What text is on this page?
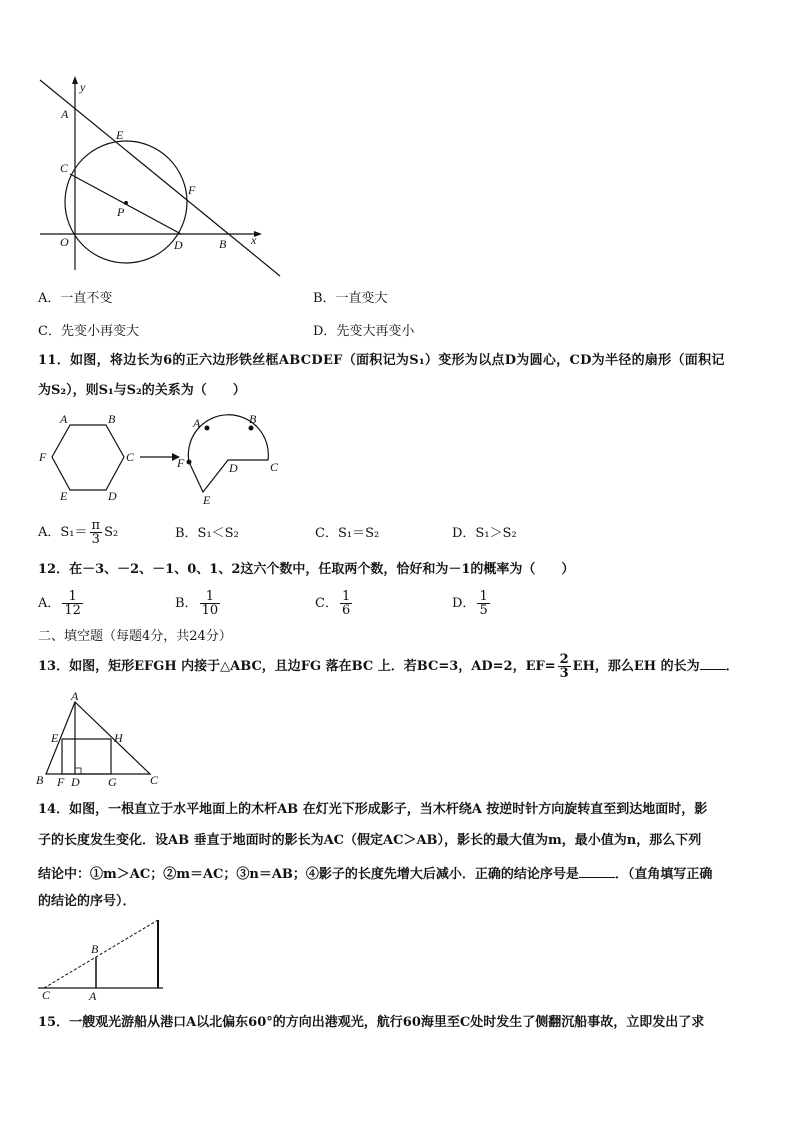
y
A
E
C
F
P
O	D	B x
A．一直不变	B．一直变大
C．先变小再变大	D．先变大再变小
11．如图，将边长为6的正六边形铁丝框ABCDEF（面积记为S₁）变形为以点D为圆心，CD为半径的扇形（面积记
为S₂），则S₁与S₂的关系为（　　）
A	B
C
D
E
F
A	B
C
D
E
F
A．$S_1= \frac{\pi}{3} S_2$	B．S₁＜S₂	C．S₁＝S₂	D．S₁＞S₂
12．在－3、－2、－1、0、1、2这六个数中，任取两个数，恰好和为－1的概率为（　　）
A． $\frac{1}{12}$	B． $\frac{1}{10}$	C． $\frac{1}{6}$	D． $\frac{1}{5}$
二、填空题（每题4分，共24分）
13．如图，矩形EFGH 内接于△ABC，且边FG 落在BC 上．若BC=3，AD=2，$EF= \frac{2}{3}$ EH，那么EH 的长为 ．
A
E	H
B F D G	C
14．如图，一根直立于水平地面上的木杆AB 在灯光下形成影子，当木杆绕A 按逆时针方向旋转直至到达地面时，影
子的长度发生变化．设AB 垂直于地面时的影长为AC（假定AC＞AB），影长的最大值为m，最小值为n，那么下列
结论中：①m＞AC；②m＝AC；③n＝AB；④影子的长度先增大后减小．正确的结论序号是	．（直角填写正确
的结论的序号）．
B
C	A
15．一艘观光游船从港口A以北偏东60°的方向出港观光，航行60海里至C处时发生了侧翻沉船事故，立即发出了求
